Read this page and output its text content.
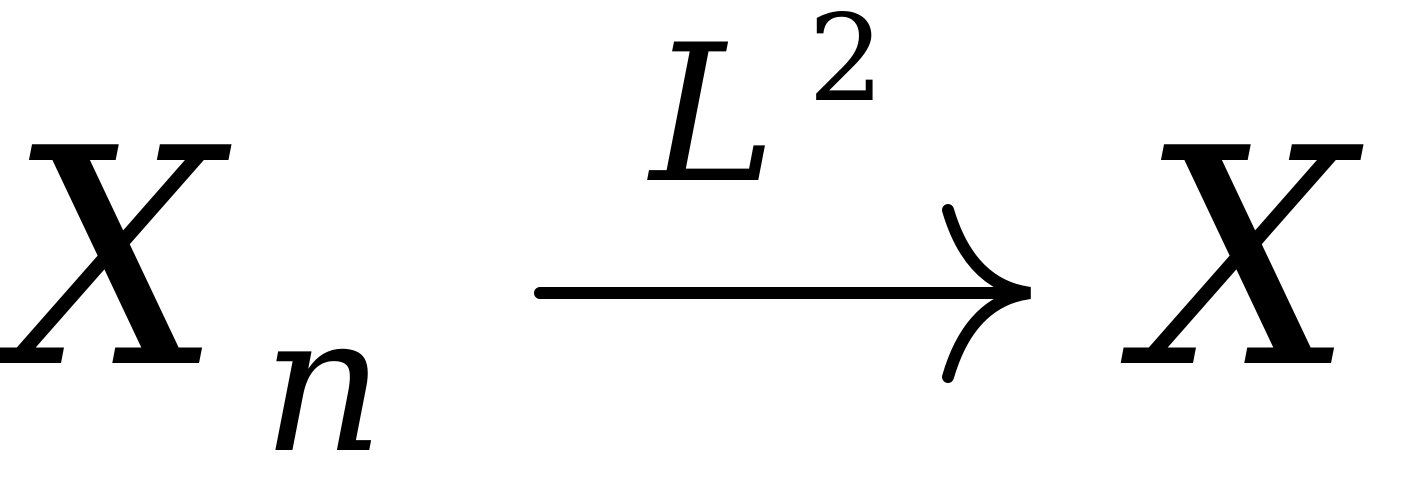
X n
L 2
X
